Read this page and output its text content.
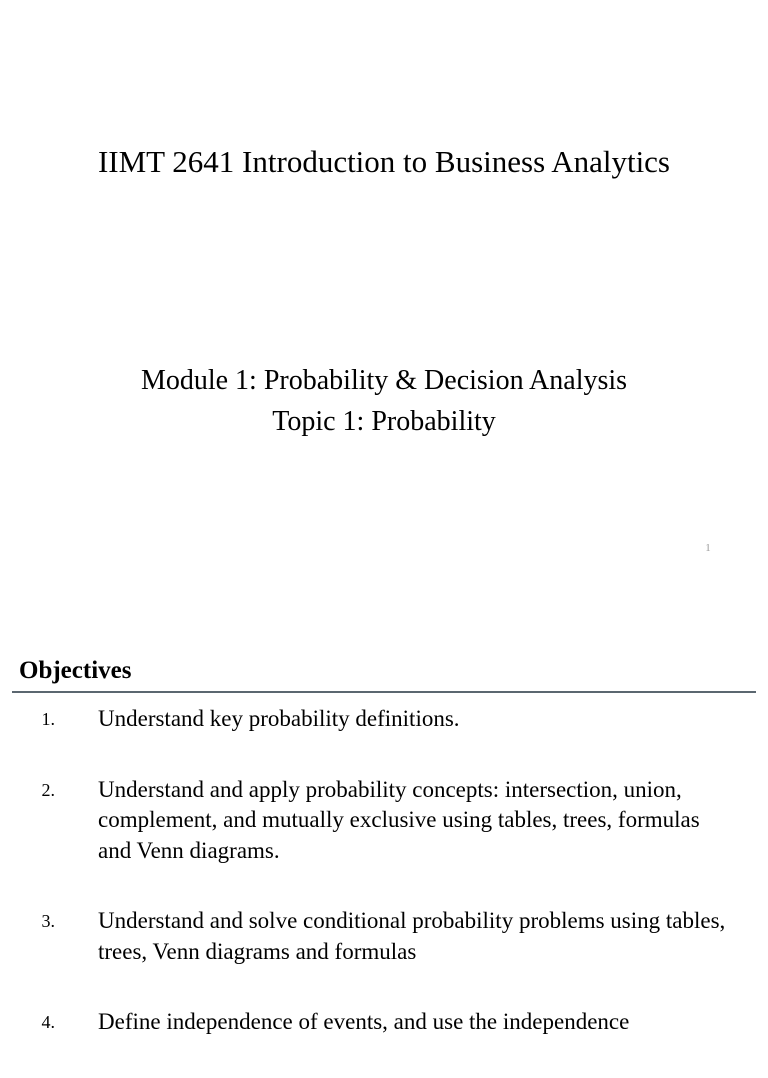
IIMT 2641 Introduction to Business Analytics
Module 1: Probability & Decision Analysis
Topic 1: Probability
1
Objectives
1.	Understand key probability definitions.
2.	Understand and apply probability concepts: intersection, union, complement, and mutually exclusive using tables, trees, formulas and Venn diagrams.
3.	Understand and solve conditional probability problems using tables, trees, Venn diagrams and formulas
4.	Define independence of events, and use the independence
